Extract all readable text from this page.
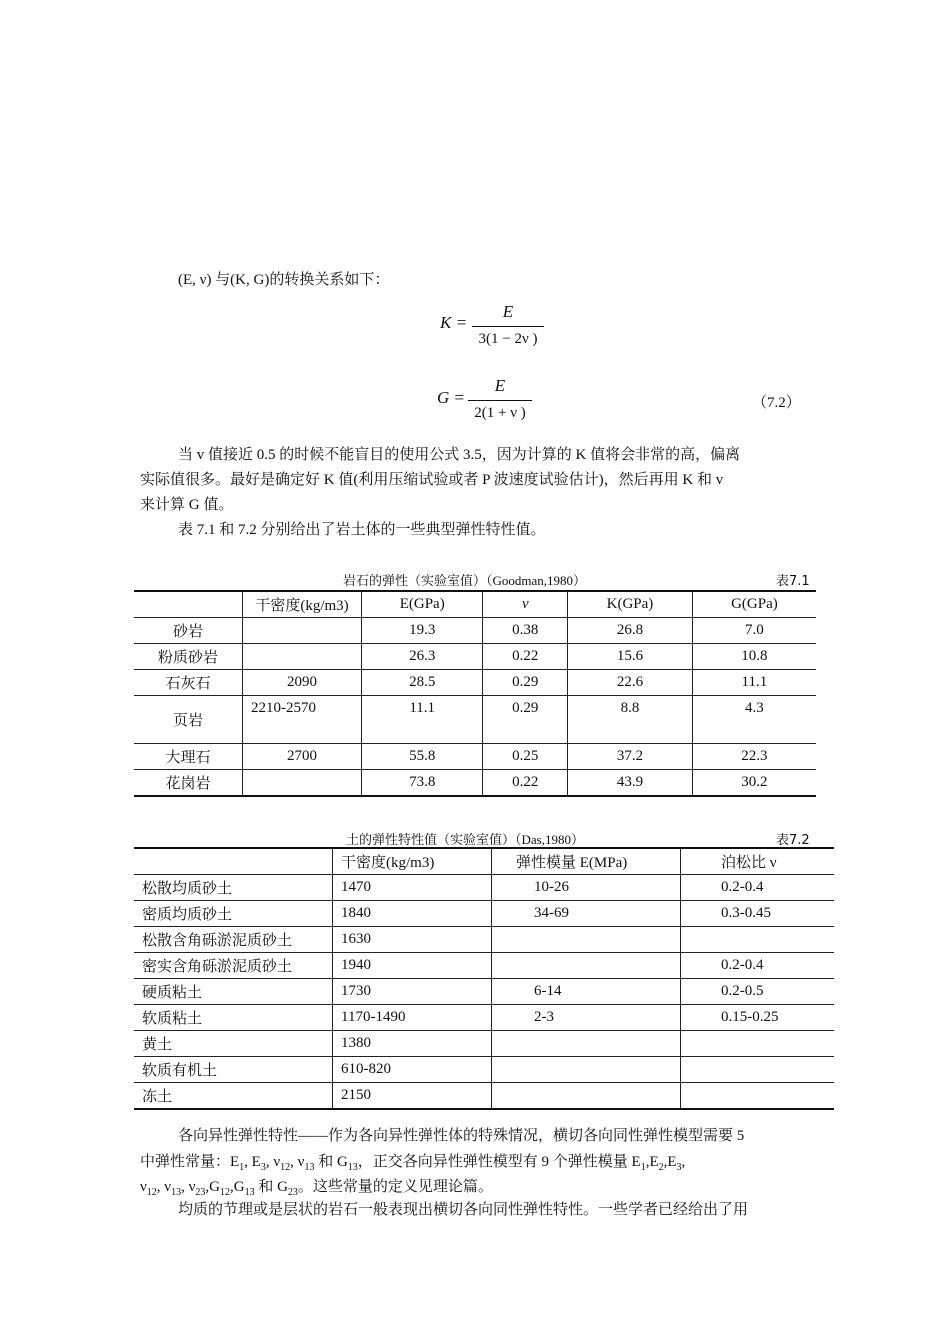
(E, ν) 与(K, G)的转换关系如下：
K =
E
3(1 − 2ν )
G =
E
2(1 + ν )
（7.2）
当 v 值接近 0.5 的时候不能盲目的使用公式 3.5，因为计算的 K 值将会非常的高，偏离
实际值很多。最好是确定好 K 值(利用压缩试验或者 P 波速度试验估计)，然后再用 K 和 v
来计算 G 值。
表 7.1 和 7.2 分别给出了岩土体的一些典型弹性特性值。
岩石的弹性（实验室值）（Goodman,1980）	表7.1
	干密度(kg/m3)	E(GPa)	v	K(GPa)	G(GPa)
砂岩		19.3	0.38	26.8	7.0
粉质砂岩		26.3	0.22	15.6	10.8
石灰石	2090	28.5	0.29	22.6	11.1
页岩	2210-2570	11.1	0.29	8.8	4.3
大理石	2700	55.8	0.25	37.2	22.3
花岗岩		73.8	0.22	43.9	30.2
土的弹性特性值（实验室值）（Das,1980）	表7.2
	干密度(kg/m3)	弹性模量 E(MPa)	泊松比 ν
松散均质砂土	1470	10-26	0.2-0.4
密质均质砂土	1840	34-69	0.3-0.45
松散含角砾淤泥质砂土	1630		
密实含角砾淤泥质砂土	1940		0.2-0.4
硬质粘土	1730	6-14	0.2-0.5
软质粘土	1170-1490	2-3	0.15-0.25
黄土	1380		
软质有机土	610-820		
冻土	2150		
各向异性弹性特性——作为各向异性弹性体的特殊情况，横切各向同性弹性模型需要 5
中弹性常量：$E_1$, $E_3$, $\nu_{12}$, $\nu_{13}$ 和 $G_{13}$，正交各向异性弹性模型有 9 个弹性模量 $E_1,E_2,E_3$,
$\nu_{12}$, $\nu_{13}$, $\nu_{23},G_{12},G_{13}$ 和 $G_{23}$。这些常量的定义见理论篇。
均质的节理或是层状的岩石一般表现出横切各向同性弹性特性。一些学者已经给出了用
